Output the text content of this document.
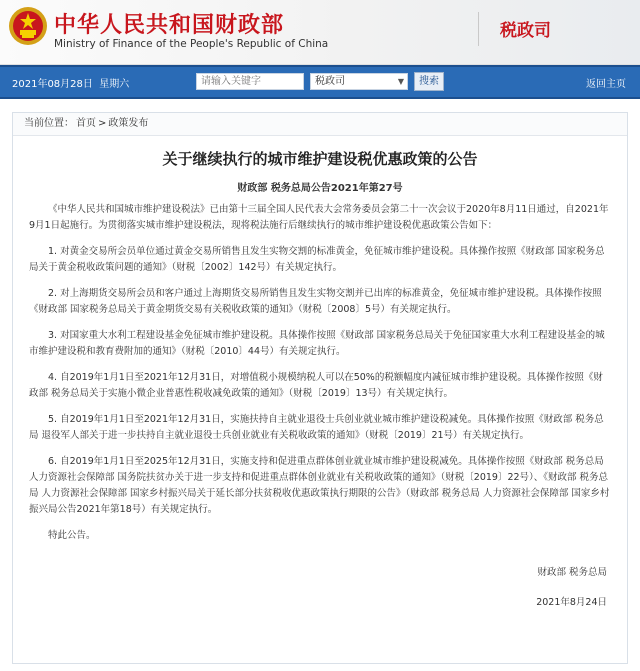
中华人民共和国财政部
Ministry of Finance of the People's Republic of China
税政司
2021年08月28日 星期六
请输入关键字	税政司	▼	搜索	返回主页
当前位置： 首页 > 政策发布
关于继续执行的城市维护建设税优惠政策的公告
财政部 税务总局公告2021年第27号

《中华人民共和国城市维护建设税法》已由第十三届全国人民代表大会常务委员会第二十一次会议于2020年8月11日通过，自2021年9月1日起施行。为贯彻落实城市维护建设税法，现将税法施行后继续执行的城市维护建设税优惠政策公告如下：

1. 对黄金交易所会员单位通过黄金交易所销售且发生实物交割的标准黄金，免征城市维护建设税。具体操作按照《财政部 国家税务总局关于黄金税收政策问题的通知》（财税〔2002〕142号）有关规定执行。

2. 对上海期货交易所会员和客户通过上海期货交易所销售且发生实物交割并已出库的标准黄金，免征城市维护建设税。具体操作按照《财政部 国家税务总局关于黄金期货交易有关税收政策的通知》（财税〔2008〕5号）有关规定执行。

3. 对国家重大水利工程建设基金免征城市维护建设税。具体操作按照《财政部 国家税务总局关于免征国家重大水利工程建设基金的城市维护建设税和教育费附加的通知》（财税〔2010〕44号）有关规定执行。

4. 自2019年1月1日至2021年12月31日，对增值税小规模纳税人可以在50%的税额幅度内减征城市维护建设税。具体操作按照《财政部 税务总局关于实施小微企业普惠性税收减免政策的通知》（财税〔2019〕13号）有关规定执行。

5. 自2019年1月1日至2021年12月31日，实施扶持自主就业退役士兵创业就业城市维护建设税减免。具体操作按照《财政部 税务总局 退役军人部关于进一步扶持自主就业退役士兵创业就业有关税收政策的通知》（财税〔2019〕21号）有关规定执行。

6. 自2019年1月1日至2025年12月31日，实施支持和促进重点群体创业就业城市维护建设税减免。具体操作按照《财政部 税务总局 人力资源社会保障部 国务院扶贫办关于进一步支持和促进重点群体创业就业有关税收政策的通知》（财税〔2019〕22号）、《财政部 税务总局 人力资源社会保障部 国家乡村振兴局关于延长部分扶贫税收优惠政策执行期限的公告》（财政部 税务总局 人力资源社会保障部 国家乡村振兴局公告2021年第18号）有关规定执行。

特此公告。

财政部 税务总局
2021年8月24日
